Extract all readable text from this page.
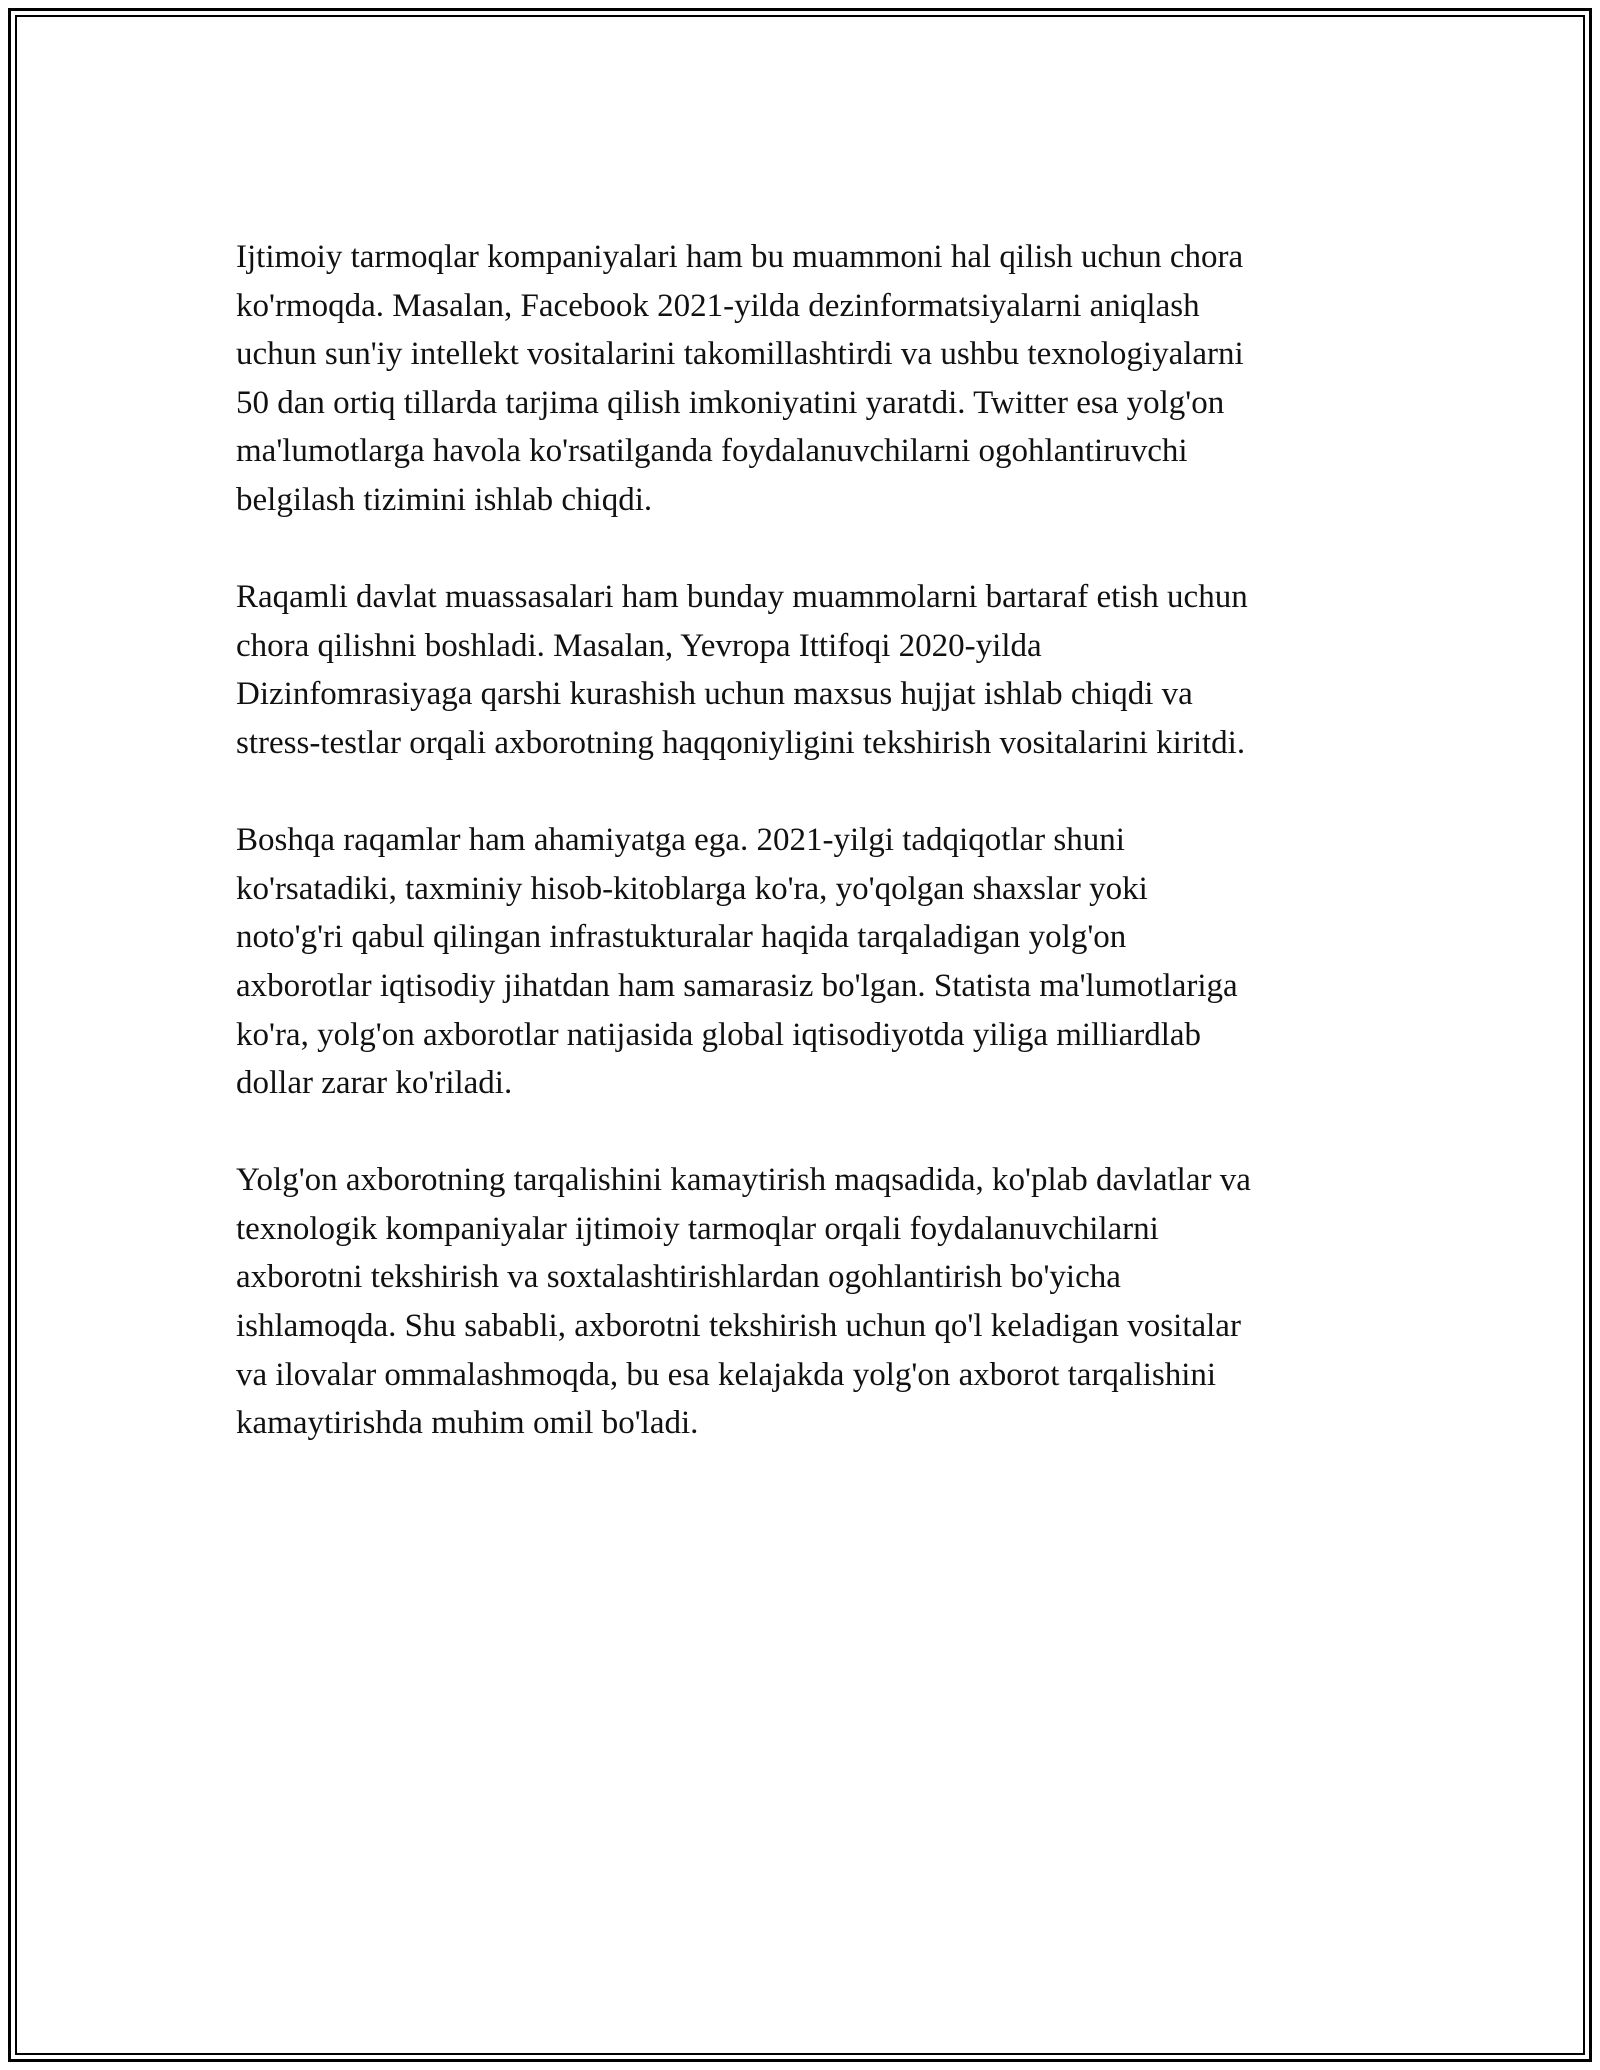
Ijtimoiy tarmoqlar kompaniyalari ham bu muammoni hal qilish uchun chora
ko'rmoqda. Masalan, Facebook 2021-yilda dezinformatsiyalarni aniqlash
uchun sun'iy intellekt vositalarini takomillashtirdi va ushbu texnologiyalarni
50 dan ortiq tillarda tarjima qilish imkoniyatini yaratdi. Twitter esa yolg'on
ma'lumotlarga havola ko'rsatilganda foydalanuvchilarni ogohlantiruvchi
belgilash tizimini ishlab chiqdi.

Raqamli davlat muassasalari ham bunday muammolarni bartaraf etish uchun
chora qilishni boshladi. Masalan, Yevropa Ittifoqi 2020-yilda
Dizinfomrasiyaga qarshi kurashish uchun maxsus hujjat ishlab chiqdi va
stress-testlar orqali axborotning haqqoniyligini tekshirish vositalarini kiritdi.

Boshqa raqamlar ham ahamiyatga ega. 2021-yilgi tadqiqotlar shuni
ko'rsatadiki, taxminiy hisob-kitoblarga ko'ra, yo'qolgan shaxslar yoki
noto'g'ri qabul qilingan infrastukturalar haqida tarqaladigan yolg'on
axborotlar iqtisodiy jihatdan ham samarasiz bo'lgan. Statista ma'lumotlariga
ko'ra, yolg'on axborotlar natijasida global iqtisodiyotda yiliga milliardlab
dollar zarar ko'riladi.

Yolg'on axborotning tarqalishini kamaytirish maqsadida, ko'plab davlatlar va
texnologik kompaniyalar ijtimoiy tarmoqlar orqali foydalanuvchilarni
axborotni tekshirish va soxtalashtirishlardan ogohlantirish bo'yicha
ishlamoqda. Shu sababli, axborotni tekshirish uchun qo'l keladigan vositalar
va ilovalar ommalashmoqda, bu esa kelajakda yolg'on axborot tarqalishini
kamaytirishda muhim omil bo'ladi.
